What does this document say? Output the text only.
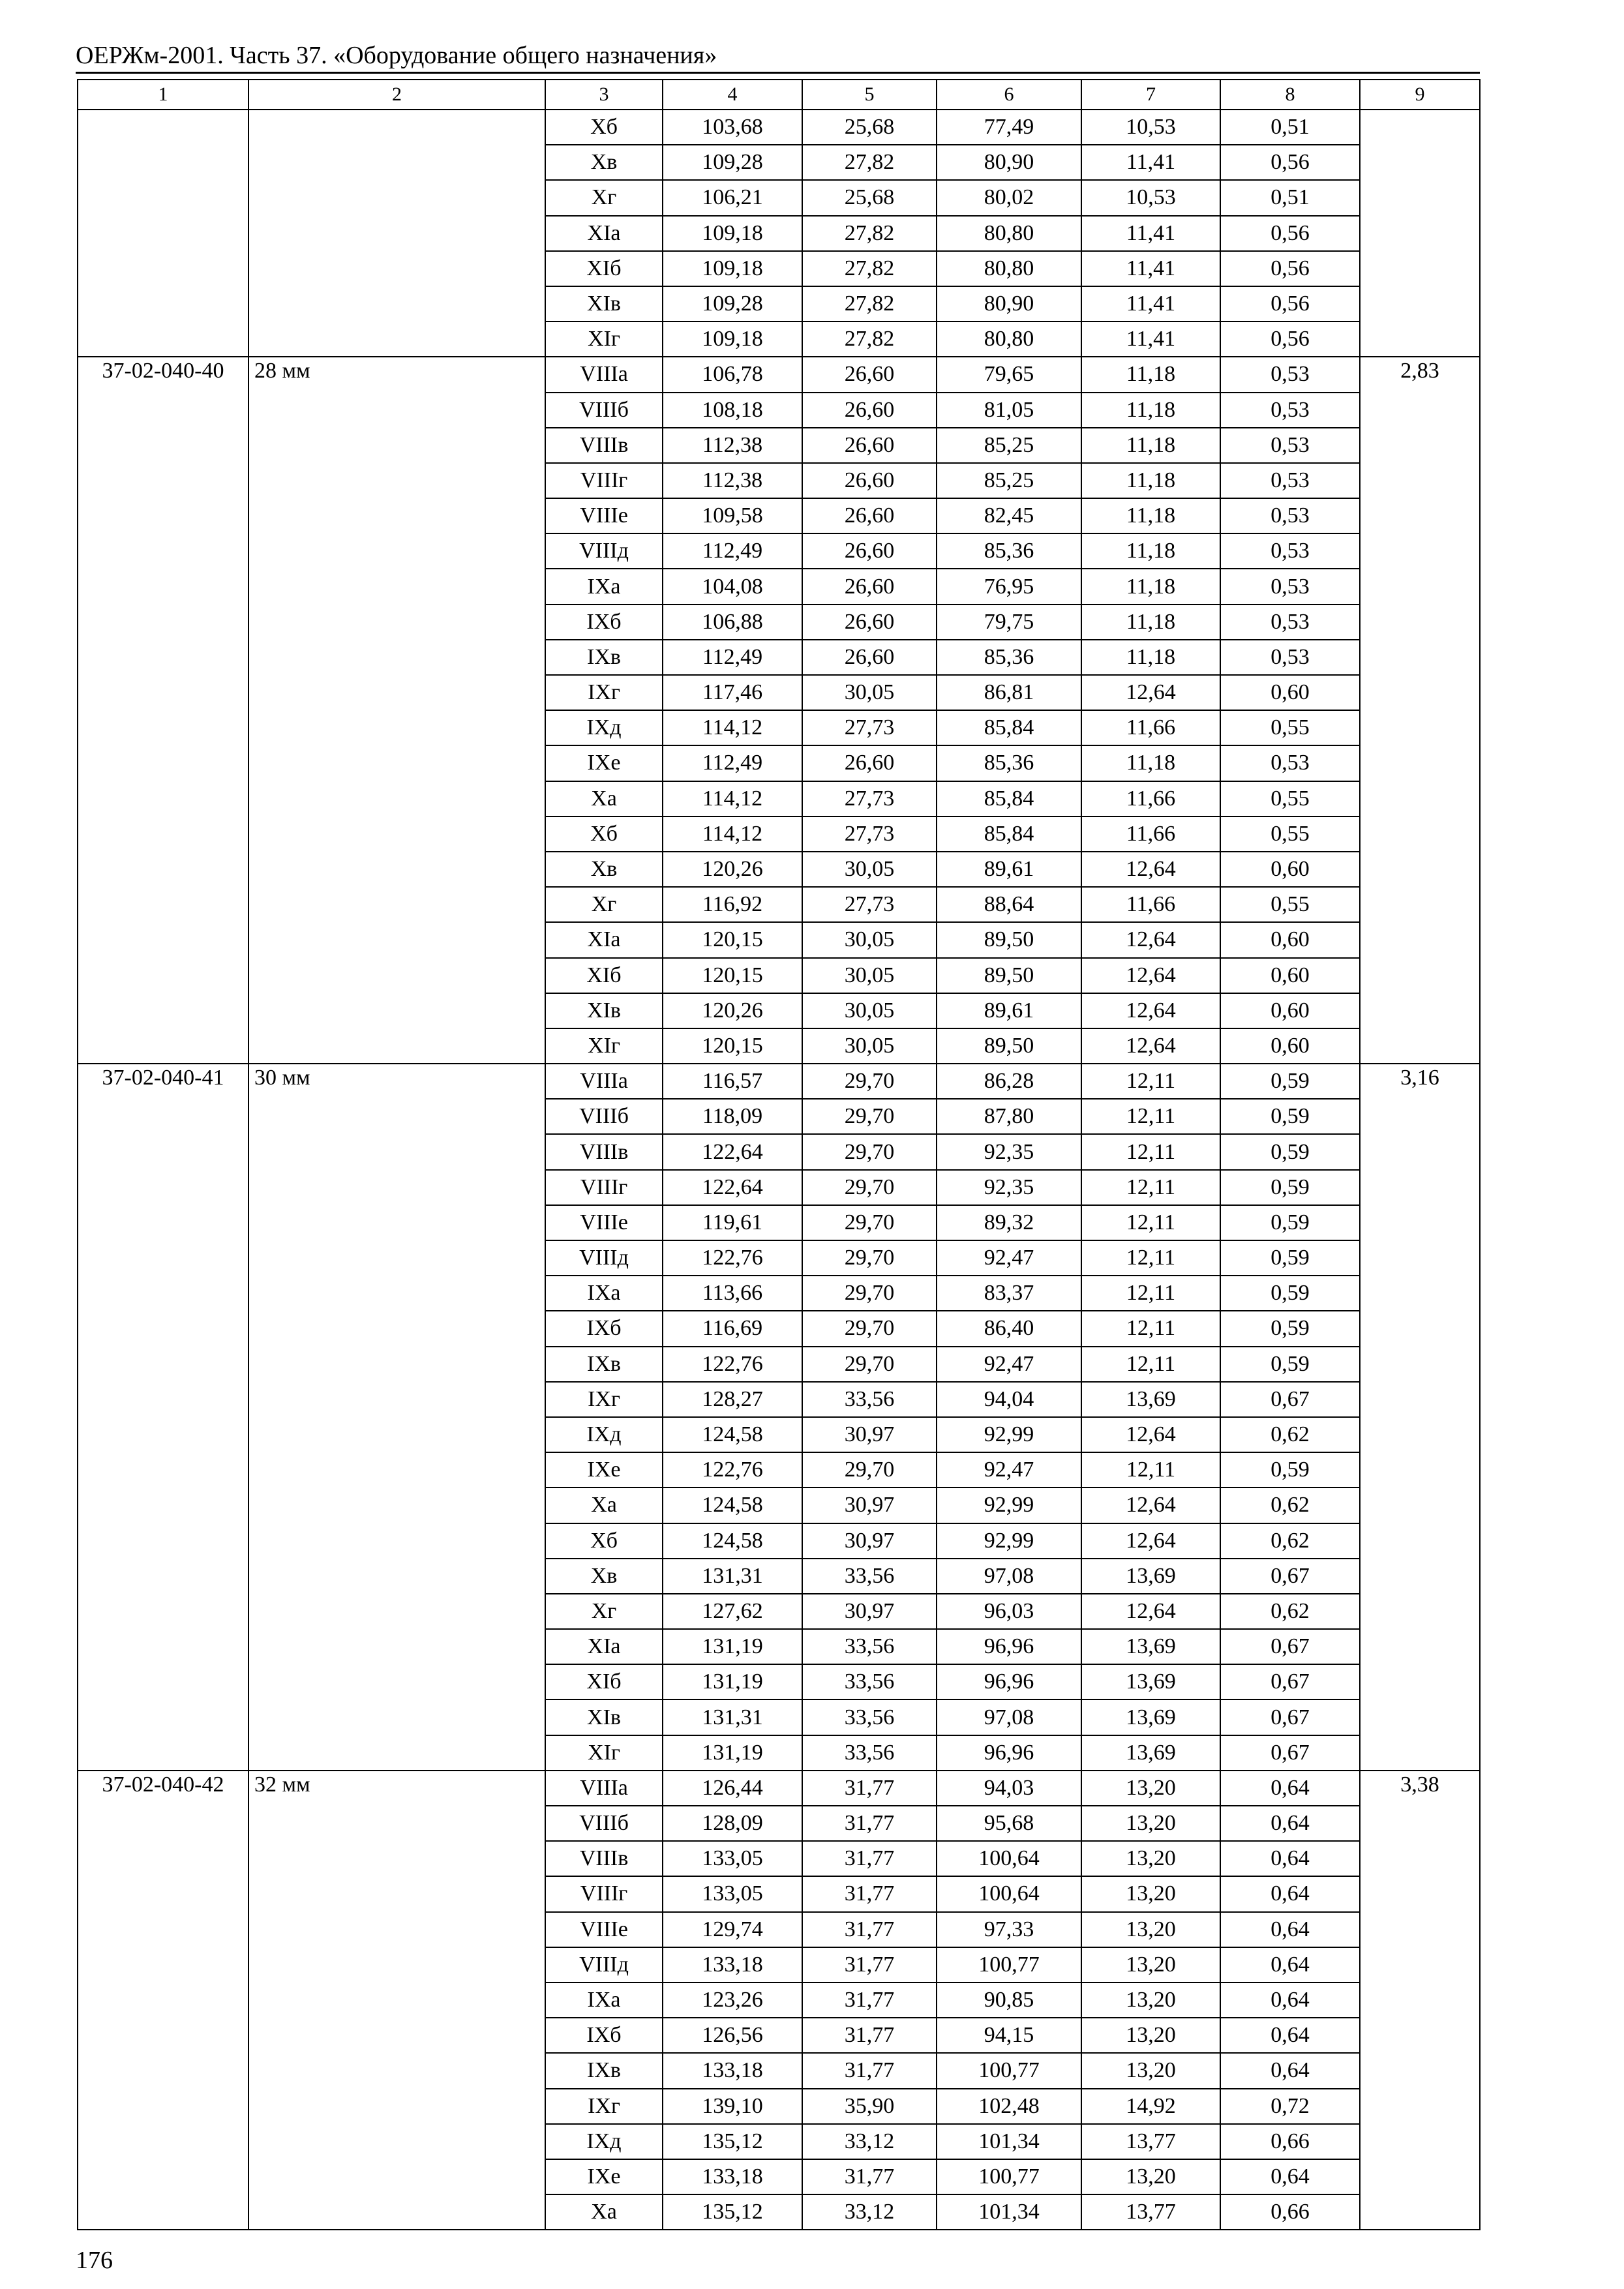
ОЕРЖм-2001. Часть 37. «Оборудование общего назначения»
1	2	3	4	5	6	7	8	9
		Xб	103,68	25,68	77,49	10,53	0,51	
		Xв	109,28	27,82	80,90	11,41	0,56	
		Xг	106,21	25,68	80,02	10,53	0,51	
		XIa	109,18	27,82	80,80	11,41	0,56	
		XIб	109,18	27,82	80,80	11,41	0,56	
		XIв	109,28	27,82	80,90	11,41	0,56	
		XIг	109,18	27,82	80,80	11,41	0,56	
37-02-040-40	28 мм	VIIIa	106,78	26,60	79,65	11,18	0,53	2,83
		VIIIб	108,18	26,60	81,05	11,18	0,53	
		VIIIв	112,38	26,60	85,25	11,18	0,53	
		VIIIг	112,38	26,60	85,25	11,18	0,53	
		VIIIe	109,58	26,60	82,45	11,18	0,53	
		VIIIд	112,49	26,60	85,36	11,18	0,53	
		IXa	104,08	26,60	76,95	11,18	0,53	
		IXб	106,88	26,60	79,75	11,18	0,53	
		IXв	112,49	26,60	85,36	11,18	0,53	
		IXг	117,46	30,05	86,81	12,64	0,60	
		IXд	114,12	27,73	85,84	11,66	0,55	
		IXe	112,49	26,60	85,36	11,18	0,53	
		Xa	114,12	27,73	85,84	11,66	0,55	
		Xб	114,12	27,73	85,84	11,66	0,55	
		Xв	120,26	30,05	89,61	12,64	0,60	
		Xг	116,92	27,73	88,64	11,66	0,55	
		XIa	120,15	30,05	89,50	12,64	0,60	
		XIб	120,15	30,05	89,50	12,64	0,60	
		XIв	120,26	30,05	89,61	12,64	0,60	
		XIг	120,15	30,05	89,50	12,64	0,60	
37-02-040-41	30 мм	VIIIa	116,57	29,70	86,28	12,11	0,59	3,16
		VIIIб	118,09	29,70	87,80	12,11	0,59	
		VIIIв	122,64	29,70	92,35	12,11	0,59	
		VIIIг	122,64	29,70	92,35	12,11	0,59	
		VIIIe	119,61	29,70	89,32	12,11	0,59	
		VIIIд	122,76	29,70	92,47	12,11	0,59	
		IXa	113,66	29,70	83,37	12,11	0,59	
		IXб	116,69	29,70	86,40	12,11	0,59	
		IXв	122,76	29,70	92,47	12,11	0,59	
		IXг	128,27	33,56	94,04	13,69	0,67	
		IXд	124,58	30,97	92,99	12,64	0,62	
		IXe	122,76	29,70	92,47	12,11	0,59	
		Xa	124,58	30,97	92,99	12,64	0,62	
		Xб	124,58	30,97	92,99	12,64	0,62	
		Xв	131,31	33,56	97,08	13,69	0,67	
		Xг	127,62	30,97	96,03	12,64	0,62	
		XIa	131,19	33,56	96,96	13,69	0,67	
		XIб	131,19	33,56	96,96	13,69	0,67	
		XIв	131,31	33,56	97,08	13,69	0,67	
		XIг	131,19	33,56	96,96	13,69	0,67	
37-02-040-42	32 мм	VIIIa	126,44	31,77	94,03	13,20	0,64	3,38
		VIIIб	128,09	31,77	95,68	13,20	0,64	
		VIIIв	133,05	31,77	100,64	13,20	0,64	
		VIIIг	133,05	31,77	100,64	13,20	0,64	
		VIIIe	129,74	31,77	97,33	13,20	0,64	
		VIIIд	133,18	31,77	100,77	13,20	0,64	
		IXa	123,26	31,77	90,85	13,20	0,64	
		IXб	126,56	31,77	94,15	13,20	0,64	
		IXв	133,18	31,77	100,77	13,20	0,64	
		IXг	139,10	35,90	102,48	14,92	0,72	
		IXд	135,12	33,12	101,34	13,77	0,66	
		IXe	133,18	31,77	100,77	13,20	0,64	
		Xa	135,12	33,12	101,34	13,77	0,66	
176
